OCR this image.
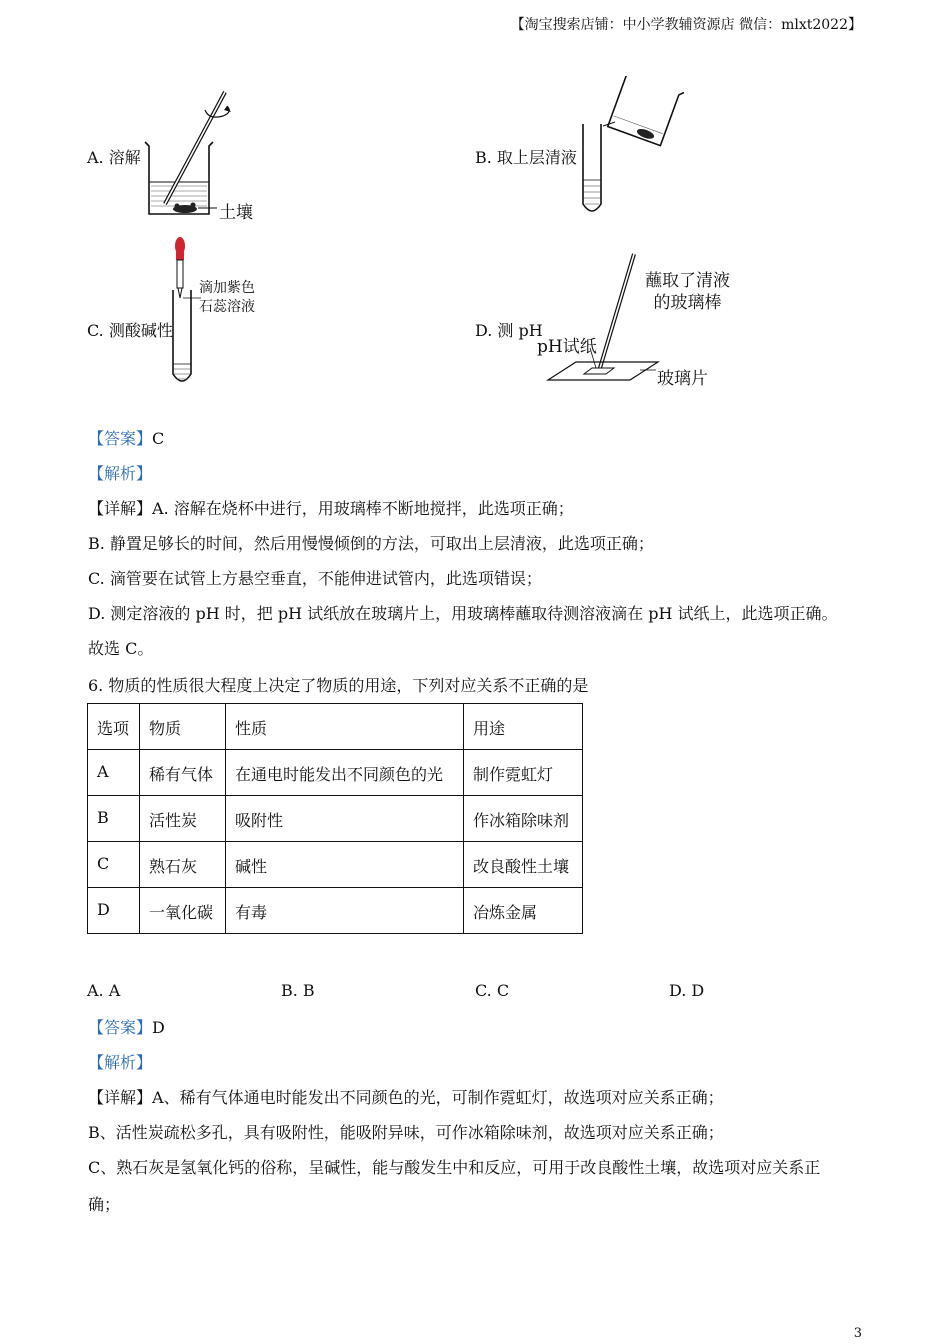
【淘宝搜索店铺：中小学教辅资源店 微信：mlxt2022】
A. 溶解
土壤
B. 取上层清液
C. 测酸碱性
滴加紫色
石蕊溶液
D. 测 pH
蘸取了清液
的玻璃棒
pH试纸
玻璃片
【答案】C
【解析】
【详解】A. 溶解在烧杯中进行，用玻璃棒不断地搅拌，此选项正确；
B. 静置足够长的时间，然后用慢慢倾倒的方法，可取出上层清液，此选项正确；
C. 滴管要在试管上方悬空垂直，不能伸进试管内，此选项错误；
D. 测定溶液的 pH 时，把 pH 试纸放在玻璃片上，用玻璃棒蘸取待测溶液滴在 pH 试纸上，此选项正确。
故选 C。
6. 物质的性质很大程度上决定了物质的用途，下列对应关系不正确的是
选项	物质	性质	用途
A	稀有气体	在通电时能发出不同颜色的光	制作霓虹灯
B	活性炭	吸附性	作冰箱除味剂
C	熟石灰	碱性	改良酸性土壤
D	一氧化碳	有毒	冶炼金属
A. A	B. B	C. C	D. D
【答案】D
【解析】
【详解】A、稀有气体通电时能发出不同颜色的光，可制作霓虹灯，故选项对应关系正确；
B、活性炭疏松多孔，具有吸附性，能吸附异味，可作冰箱除味剂，故选项对应关系正确；
C、熟石灰是氢氧化钙的俗称，呈碱性，能与酸发生中和反应，可用于改良酸性土壤，故选项对应关系正
确；
3
